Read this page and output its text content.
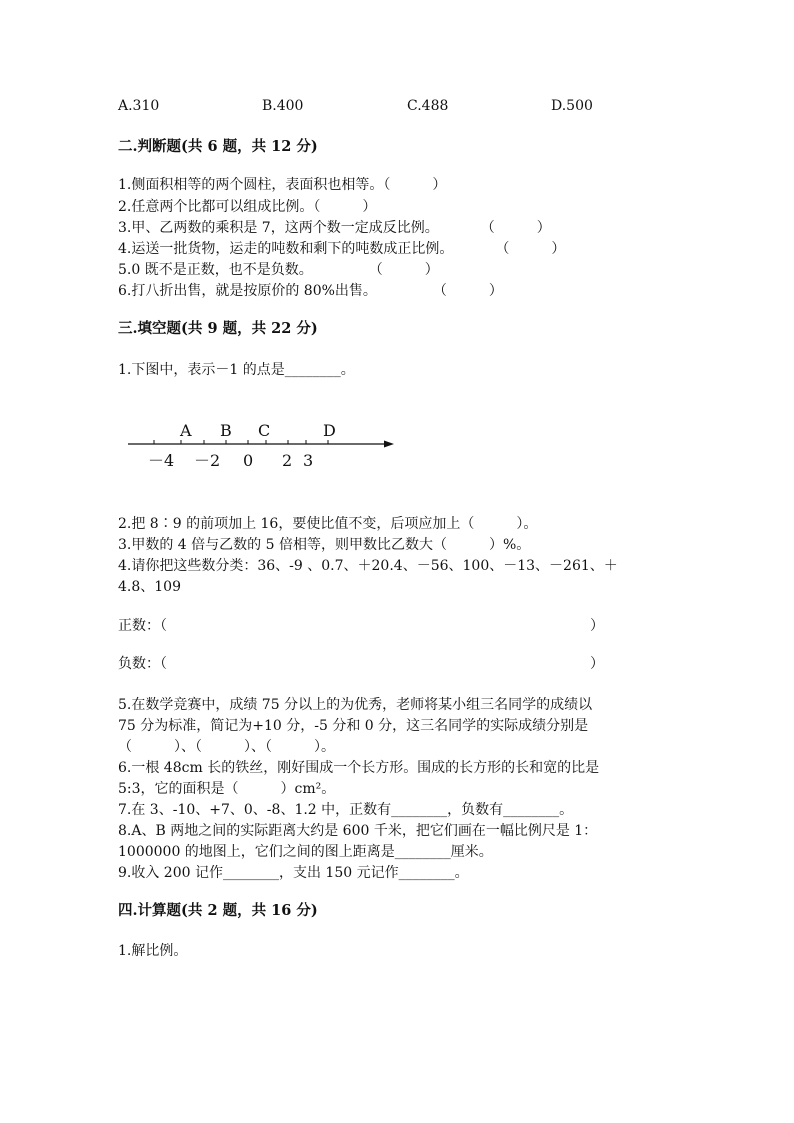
A.310	B.400	C.488	D.500
二.判断题(共 6 题，共 12 分)
1.侧面积相等的两个圆柱，表面积也相等。（　　　）
2.任意两个比都可以组成比例。（　　　）
3.甲、乙两数的乘积是 7，这两个数一定成反比例。　　　　（　　　）
4.运送一批货物，运走的吨数和剩下的吨数成正比例。　　　　（　　　）
5.0 既不是正数，也不是负数。　　　　　（　　　）
6.打八折出售，就是按原价的 80%出售。　　　　　（　　　）
三.填空题(共 9 题，共 22 分)
1.下图中，表示－1 的点是________。
A B C	D
－4 －2 0 2 3
2.把 8∶9 的前项加上 16，要使比值不变，后项应加上（　　　）。
3.甲数的 4 倍与乙数的 5 倍相等，则甲数比乙数大（　　　）%。
4.请你把这些数分类：36、-9 、0.7、＋20.4、－56、100、－13、－261、＋
4.8、109
正数：（	）
负数：（	）
5.在数学竞赛中，成绩 75 分以上的为优秀，老师将某小组三名同学的成绩以
75 分为标准，简记为+10 分，-5 分和 0 分，这三名同学的实际成绩分别是
（　　　）、（　　　）、（　　　）。
6.一根 48cm 长的铁丝，刚好围成一个长方形。围成的长方形的长和宽的比是
5:3，它的面积是（　　　）cm²。
7.在 3、-10、+7、0、-8、1.2 中，正数有________，负数有________。
8.A、B 两地之间的实际距离大约是 600 千米，把它们画在一幅比例尺是 1：
1000000 的地图上，它们之间的图上距离是________厘米。
9.收入 200 记作________，支出 150 元记作________。
四.计算题(共 2 题，共 16 分)
1.解比例。
